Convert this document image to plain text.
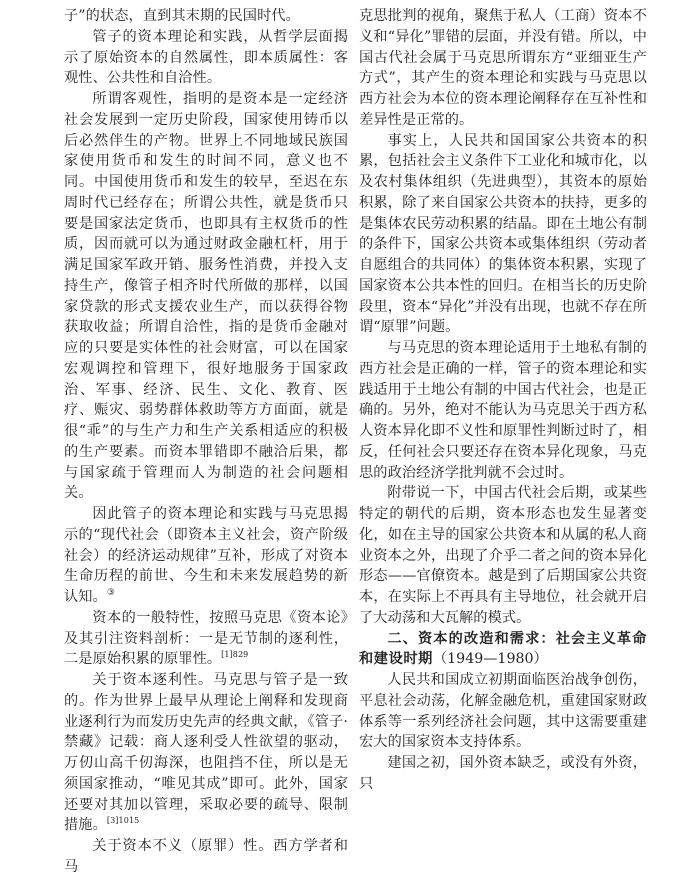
子”的状态，直到其末期的民国时代。

管子的资本理论和实践，从哲学层面揭示了原始资本的自然属性，即本质属性：客观性、公共性和自洽性。

所谓客观性，指明的是资本是一定经济社会发展到一定历史阶段，国家使用铸币以后必然伴生的产物。世界上不同地域民族国家使用货币和发生的时间不同，意义也不同。中国使用货币和发生的较早，至迟在东周时代已经存在；所谓公共性，就是货币只要是国家法定货币，也即具有主权货币的性质，因而就可以为通过财政金融杠杆，用于满足国家军政开销、服务性消费，并投入支持生产，像管子相齐时代所做的那样，以国家贷款的形式支援农业生产，而以获得谷物获取收益；所谓自洽性，指的是货币金融对应的只要是实体性的社会财富，可以在国家宏观调控和管理下，很好地服务于国家政治、军事、经济、民生、文化、教育、医疗、赈灾、弱势群体救助等方方面面，就是很“乖”的与生产力和生产关系相适应的积极的生产要素。而资本罪错即不融洽后果，都与国家疏于管理而人为制造的社会问题相关。

因此管子的资本理论和实践与马克思揭示的“现代社会（即资本主义社会，资产阶级社会）的经济运动规律”互补，形成了对资本生命历程的前世、今生和未来发展趋势的新认知。③

资本的一般特性，按照马克思《资本论》及其引注资料剖析：一是无节制的逐利性，二是原始积累的原罪性。$^{[1]829}$

关于资本逐利性。马克思与管子是一致的。作为世界上最早从理论上阐释和发现商业逐利行为而发历史先声的经典文献，《管子·禁藏》记载：商人逐利受人性欲望的驱动，万仞山高千仞海深，也阻挡不住，所以是无须国家推动，“唯见其成”即可。此外，国家还要对其加以管理，采取必要的疏导、限制措施。$^{[3]1015}$

关于资本不义（原罪）性。西方学者和马

克思批判的视角，聚焦于私人（工商）资本不义和“异化”罪错的层面，并没有错。所以，中国古代社会属于马克思所谓东方“亚细亚生产方式”，其产生的资本理论和实践与马克思以西方社会为本位的资本理论阐释存在互补性和差异性是正常的。

事实上，人民共和国国家公共资本的积累，包括社会主义条件下工业化和城市化，以及农村集体组织（先进典型），其资本的原始积累，除了来自国家公共资本的扶持，更多的是集体农民劳动积累的结晶。即在土地公有制的条件下，国家公共资本或集体组织（劳动者自愿组合的共同体）的集体资本积累，实现了国家资本公共本性的回归。在相当长的历史阶段里，资本“异化”并没有出现，也就不存在所谓“原罪”问题。

与马克思的资本理论适用于土地私有制的西方社会是正确的一样，管子的资本理论和实践适用于土地公有制的中国古代社会，也是正确的。另外，绝对不能认为马克思关于西方私人资本异化即不义性和原罪性判断过时了，相反，任何社会只要还存在资本异化现象，马克思的政治经济学批判就不会过时。

附带说一下，中国古代社会后期，或某些特定的朝代的后期，资本形态也发生显著变化，如在主导的国家公共资本和从属的私人商业资本之外，出现了介乎二者之间的资本异化形态——官僚资本。越是到了后期国家公共资本，在实际上不再具有主导地位，社会就开启了大动荡和大瓦解的模式。

二、资本的改造和需求：社会主义革命和建设时期（1949—1980）

人民共和国成立初期面临医治战争创伤，平息社会动荡，化解金融危机，重建国家财政体系等一系列经济社会问题，其中这需要重建宏大的国家资本支持体系。

建国之初，国外资本缺乏，或没有外资，只
